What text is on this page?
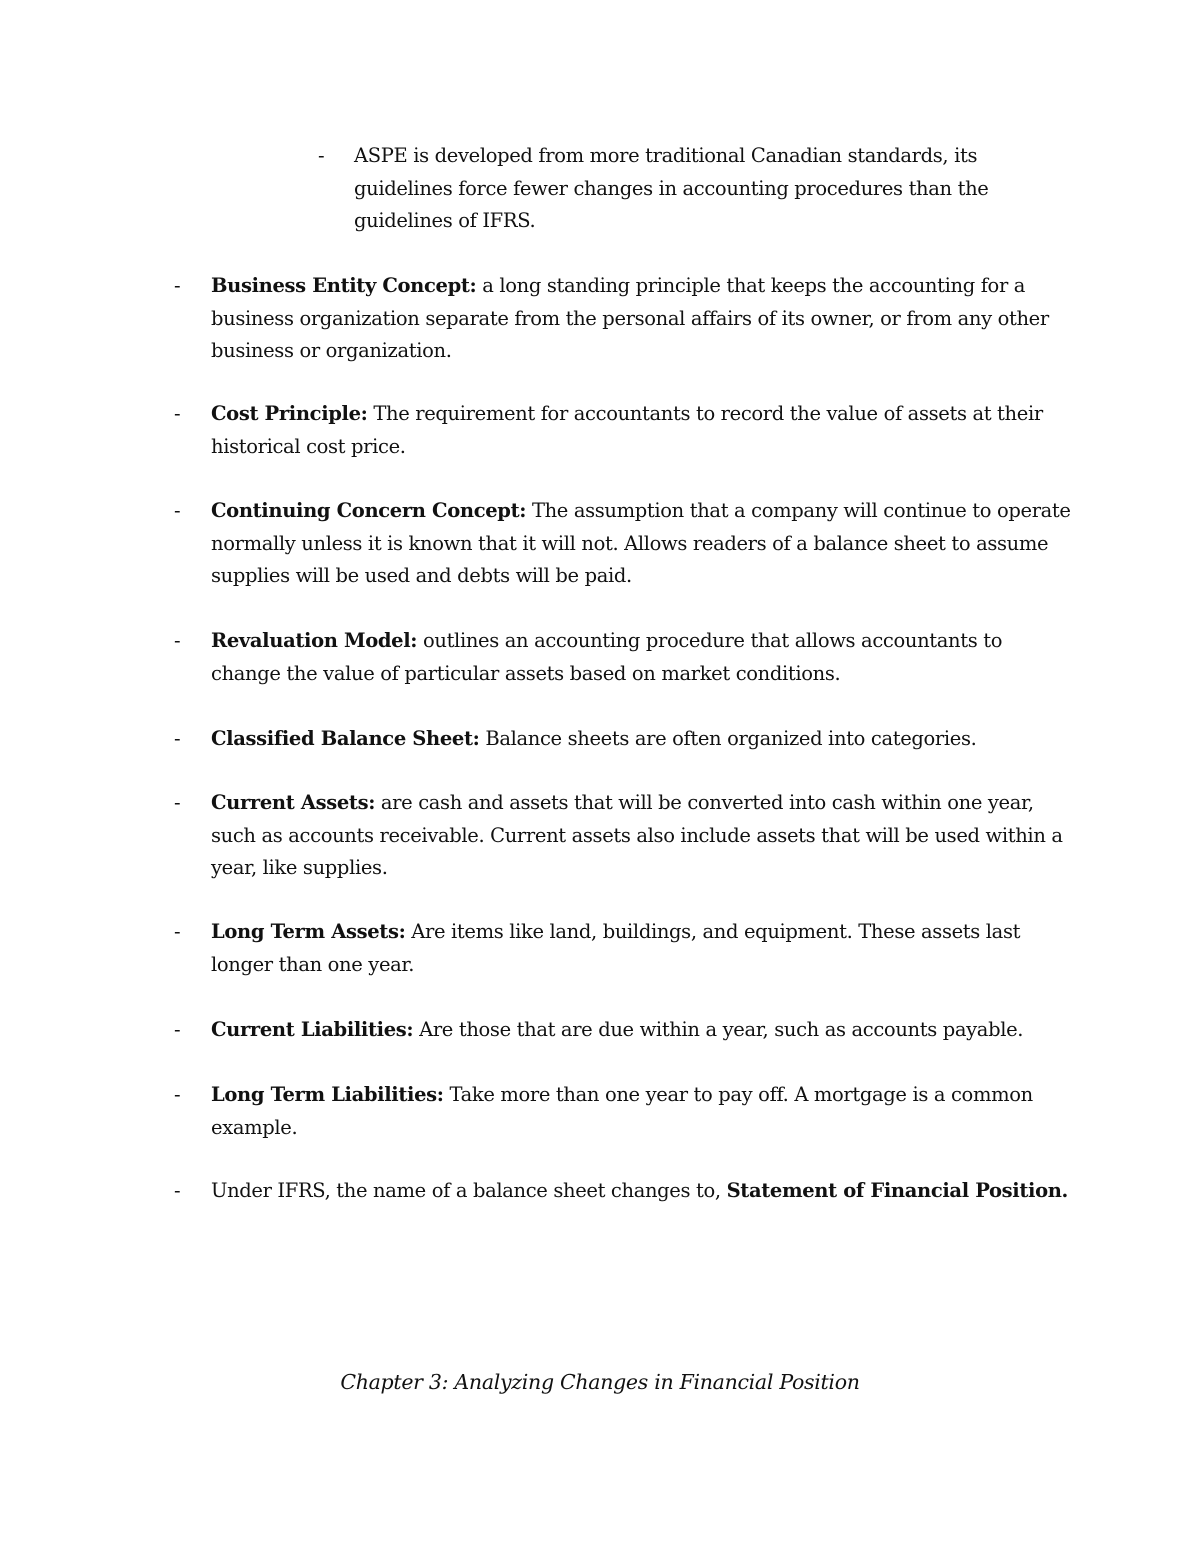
- ASPE is developed from more traditional Canadian standards, its guidelines force fewer changes in accounting procedures than the guidelines of IFRS.
- Business Entity Concept: a long standing principle that keeps the accounting for a business organization separate from the personal affairs of its owner, or from any other business or organization.
- Cost Principle: The requirement for accountants to record the value of assets at their historical cost price.
- Continuing Concern Concept: The assumption that a company will continue to operate normally unless it is known that it will not. Allows readers of a balance sheet to assume supplies will be used and debts will be paid.
- Revaluation Model: outlines an accounting procedure that allows accountants to change the value of particular assets based on market conditions.
- Classified Balance Sheet: Balance sheets are often organized into categories.
- Current Assets: are cash and assets that will be converted into cash within one year, such as accounts receivable. Current assets also include assets that will be used within a year, like supplies.
- Long Term Assets: Are items like land, buildings, and equipment. These assets last longer than one year.
- Current Liabilities: Are those that are due within a year, such as accounts payable.
- Long Term Liabilities: Take more than one year to pay off. A mortgage is a common example.
- Under IFRS, the name of a balance sheet changes to, Statement of Financial Position.
Chapter 3: Analyzing Changes in Financial Position
